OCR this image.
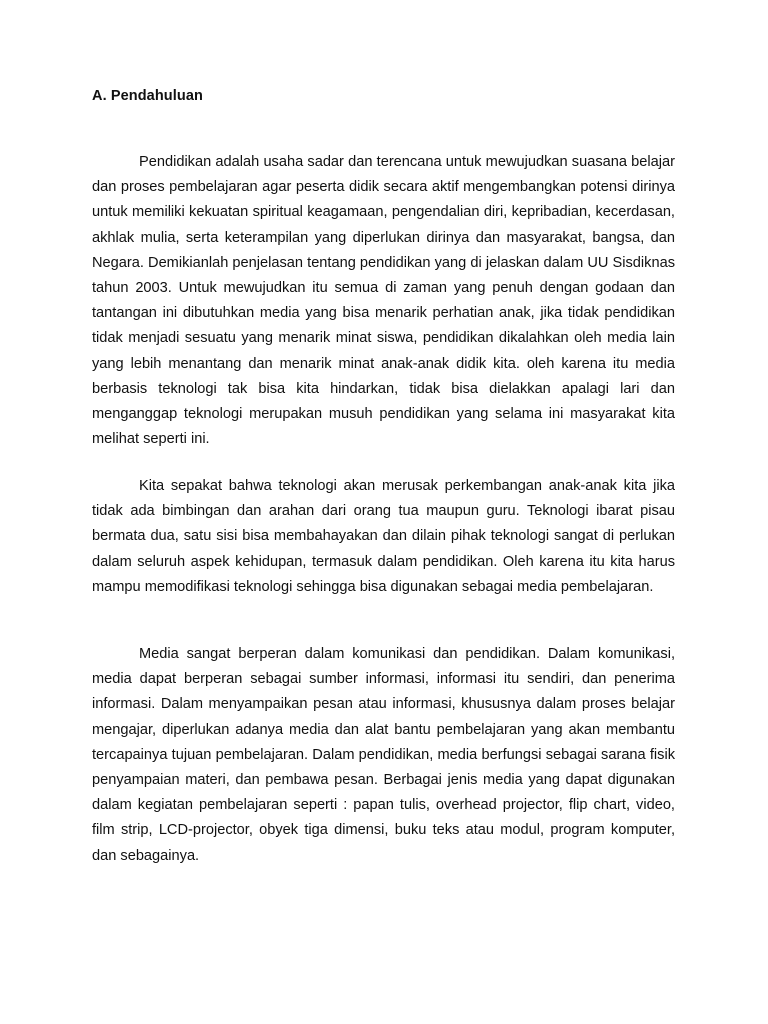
A. Pendahuluan

Pendidikan adalah usaha sadar dan terencana untuk mewujudkan suasana belajar dan proses pembelajaran agar peserta didik secara aktif mengembangkan potensi dirinya untuk memiliki kekuatan spiritual keagamaan, pengendalian diri, kepribadian, kecerdasan, akhlak mulia, serta keterampilan yang diperlukan dirinya dan masyarakat, bangsa, dan Negara. Demikianlah penjelasan tentang pendidikan yang di jelaskan dalam UU Sisdiknas tahun 2003. Untuk mewujudkan itu semua di zaman yang penuh dengan godaan dan tantangan ini dibutuhkan media yang bisa menarik perhatian anak, jika tidak pendidikan tidak menjadi sesuatu yang menarik minat siswa, pendidikan dikalahkan oleh media lain yang lebih menantang dan menarik minat anak-anak didik kita. oleh karena itu media berbasis teknologi tak bisa kita hindarkan, tidak bisa dielakkan apalagi lari dan menganggap teknologi merupakan musuh pendidikan yang selama ini masyarakat kita melihat seperti ini.

Kita sepakat bahwa teknologi akan merusak perkembangan anak-anak kita jika tidak ada bimbingan dan arahan dari orang tua maupun guru. Teknologi ibarat pisau bermata dua, satu sisi bisa membahayakan dan dilain pihak teknologi sangat di perlukan dalam seluruh aspek kehidupan, termasuk dalam pendidikan. Oleh karena itu kita harus mampu memodifikasi teknologi sehingga bisa digunakan sebagai media pembelajaran.

Media sangat berperan dalam komunikasi dan pendidikan. Dalam komunikasi, media dapat berperan sebagai sumber informasi, informasi itu sendiri, dan penerima informasi. Dalam menyampaikan pesan atau informasi, khususnya dalam proses belajar mengajar, diperlukan adanya media dan alat bantu pembelajaran yang akan membantu tercapainya tujuan pembelajaran. Dalam pendidikan, media berfungsi sebagai sarana fisik penyampaian materi, dan pembawa pesan. Berbagai jenis media yang dapat digunakan dalam kegiatan pembelajaran seperti : papan tulis, overhead projector, flip chart, video, film strip, LCD-projector, obyek tiga dimensi, buku teks atau modul, program komputer, dan sebagainya.
